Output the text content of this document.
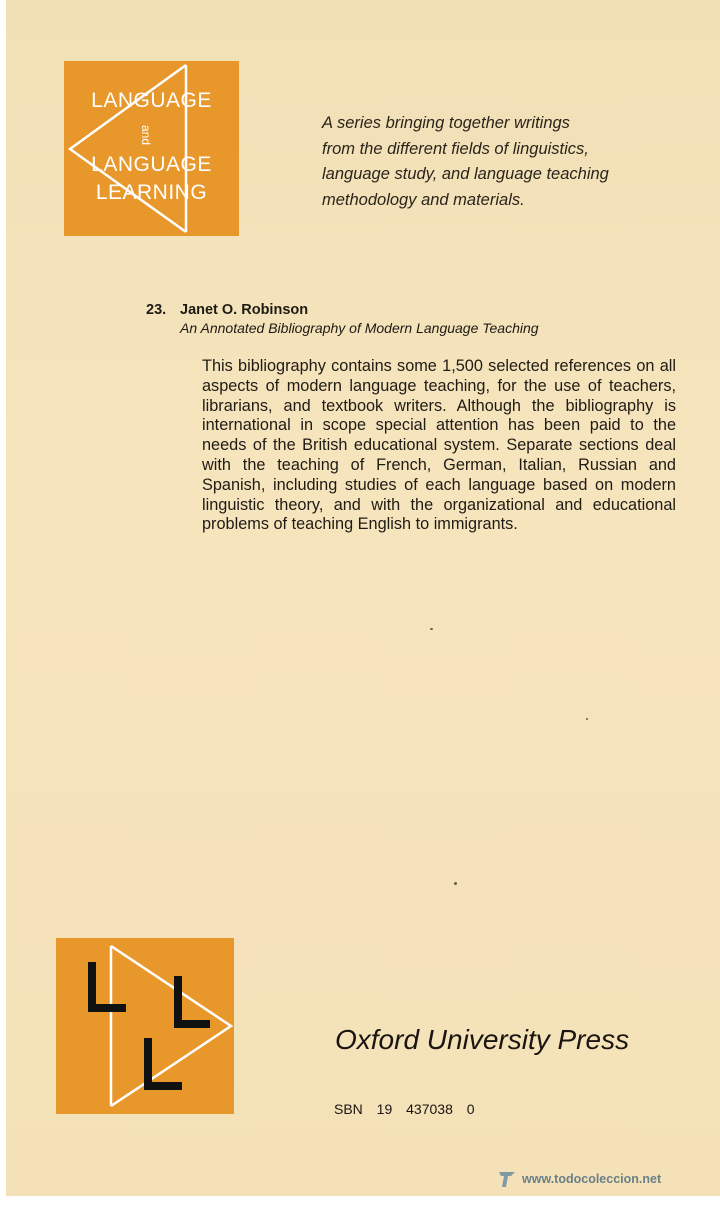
LANGUAGE
and
LANGUAGE
LEARNING
A series bringing together writings
from the different fields of linguistics,
language study, and language teaching
methodology and materials.
23. Janet O. Robinson
An Annotated Bibliography of Modern Language Teaching
This bibliography contains some 1,500 selected references on all aspects of modern language teaching, for the use of teachers, librarians, and textbook writers. Although the bibliography is international in scope special attention has been paid to the needs of the British educational system. Separate sections deal with the teaching of French, German, Italian, Russian and Spanish, including studies of each language based on modern linguistic theory, and with the organizational and educational problems of teaching English to immigrants.
Oxford University Press
SBN 19 437038 0
www.todocoleccion.net
